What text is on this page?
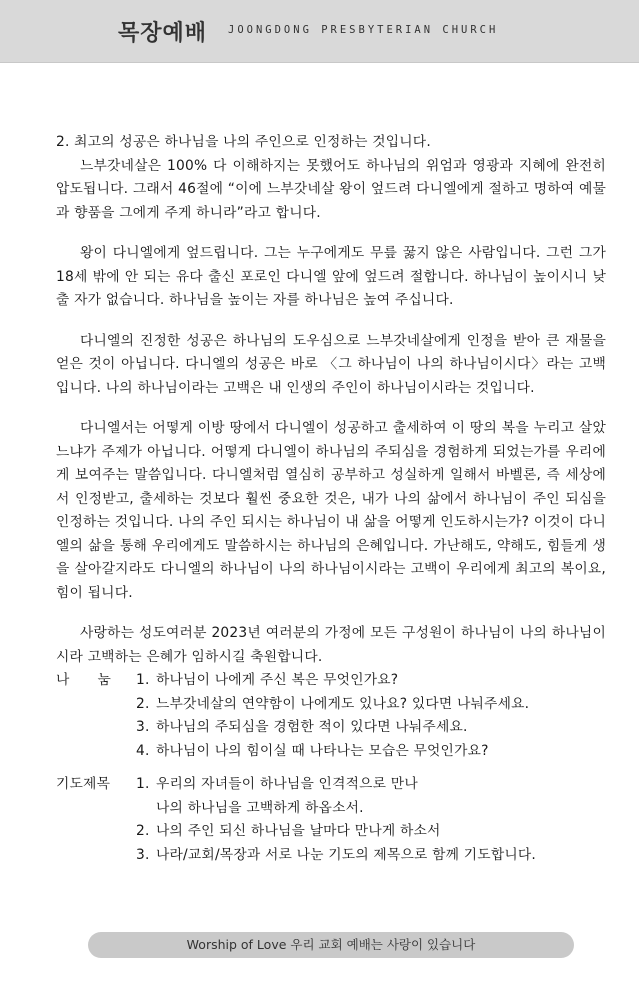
목장예배 JOONGDONG PRESBYTERIAN CHURCH

2. 최고의 성공은 하나님을 나의 주인으로 인정하는 것입니다.

느부갓네살은 100% 다 이해하지는 못했어도 하나님의 위엄과 영광과 지혜에 완전히 압도됩니다. 그래서 46절에 “이에 느부갓네살 왕이 엎드려 다니엘에게 절하고 명하여 예물과 향품을 그에게 주게 하니라”라고 합니다.

왕이 다니엘에게 엎드립니다. 그는 누구에게도 무릎 꿇지 않은 사람입니다. 그런 그가 18세 밖에 안 되는 유다 출신 포로인 다니엘 앞에 엎드려 절합니다. 하나님이 높이시니 낮출 자가 없습니다. 하나님을 높이는 자를 하나님은 높여 주십니다.

다니엘의 진정한 성공은 하나님의 도우심으로 느부갓네살에게 인정을 받아 큰 재물을 얻은 것이 아닙니다. 다니엘의 성공은 바로 〈그 하나님이 나의 하나님이시다〉라는 고백입니다. 나의 하나님이라는 고백은 내 인생의 주인이 하나님이시라는 것입니다.

다니엘서는 어떻게 이방 땅에서 다니엘이 성공하고 출세하여 이 땅의 복을 누리고 살았느냐가 주제가 아닙니다. 어떻게 다니엘이 하나님의 주되심을 경험하게 되었는가를 우리에게 보여주는 말씀입니다. 다니엘처럼 열심히 공부하고 성실하게 일해서 바벨론, 즉 세상에서 인정받고, 출세하는 것보다 훨씬 중요한 것은, 내가 나의 삶에서 하나님이 주인 되심을 인정하는 것입니다. 나의 주인 되시는 하나님이 내 삶을 어떻게 인도하시는가? 이것이 다니엘의 삶을 통해 우리에게도 말씀하시는 하나님의 은혜입니다. 가난해도, 약해도, 힘들게 생을 살아갈지라도 다니엘의 하나님이 나의 하나님이시라는 고백이 우리에게 최고의 복이요, 힘이 됩니다.

사랑하는 성도여러분 2023년 여러분의 가정에 모든 구성원이 하나님이 나의 하나님이시라 고백하는 은혜가 임하시길 축원합니다.

나　　눔 1. 하나님이 나에게 주신 복은 무엇인가요?
2. 느부갓네살의 연약함이 나에게도 있나요? 있다면 나눠주세요.
3. 하나님의 주되심을 경험한 적이 있다면 나눠주세요.
4. 하나님이 나의 힘이실 때 나타나는 모습은 무엇인가요?
기도제목 1. 우리의 자녀들이 하나님을 인격적으로 만나
나의 하나님을 고백하게 하옵소서.
2. 나의 주인 되신 하나님을 날마다 만나게 하소서
3. 나라/교회/목장과 서로 나눈 기도의 제목으로 함께 기도합니다.
Worship of Love 우리 교회 예배는 사랑이 있습니다
